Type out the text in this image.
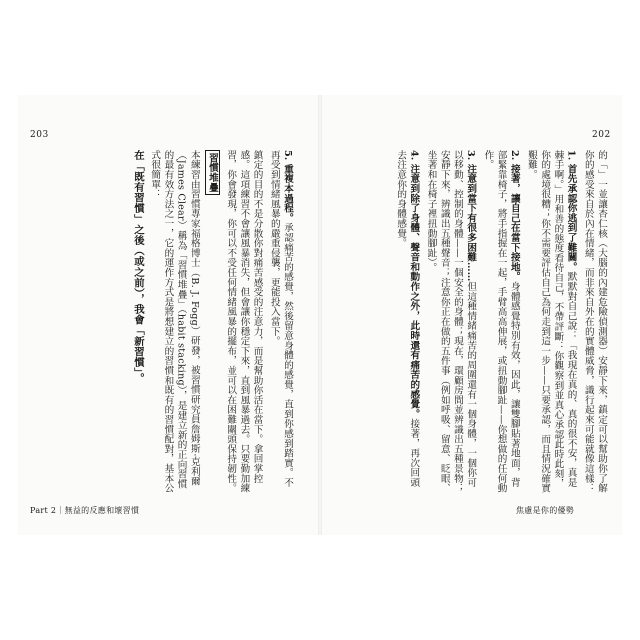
202

的「」一並讓杏仁核（大腦的內建危險偵測器）安靜下來，鎮定可以幫助你了解你的感受來自於內在情緒，而非來自外在的實體威脅，識行起來可能就像這樣：

1. 首先承認你逃到了難關。默默對自己說：「我現在真的、真的很不安，真是棘手啊。」用和善的態度看待自己，不帶評斷：你觀察到並真心承認此時此刻，你的處境很糟；你不需要評估自己為何走到這一步——只要承認，而且情況確實艱難。

2. 接著，讓自己在當下接地。身體感覺特別有效，因此，讓雙腳貼著地面，背部緊靠椅子，將手指握在一起，手臂高高伸展，或扭動腳趾——你想做的任何動作。

3. 注意到當下有很多困難……但這種情緒痛苦的周圍還有一個身體，一個你可以移動、控制的身體——一個安全的身體；現在，環顧房間並辨識出五種景物；安靜下來，辨識出五種聲音；注意你正在做的五件事（例如呼吸、留意、眨眼、坐著和在椅子裡扭動腳趾）。

4. 注意到除了身體、聲音和動作之外，此時還有痛苦的感覺。接著，再次回頭去注意你的身體感覺。

焦慮是你的優勢
203

5. 重複本過程。承認痛苦的感覺，然後留意身體的感覺，直到你感到踏實。不再受到情緒風暴的嚴重侵襲，更能投入當下。

鎮定的目的不是分散你對痛苦感受的注意力，而是幫助你活在當下。拿回掌控感。這項練習不會讓風暴消失，但會讓你穩定下來，直到風暴過去。只要勤加練習，你會發現，你可以不受任何情緒風暴的擺布，並可以在困難關頭保持韌性。

習慣堆疊

本練習由習慣專家福格博士（B. J. Fogg）研發，被習慣研究員詹姆斯·克利爾（James Clear）稱為「習慣堆疊」（habit stacking），是建立新的正向習慣的最有效方法之一，它的運作方式是將想建立的習慣和既有的習慣配對，基本公式很簡單：

在「既有習慣」之後（或之前），我會「新習慣」。

Part 2｜無益的反應和壞習慣
